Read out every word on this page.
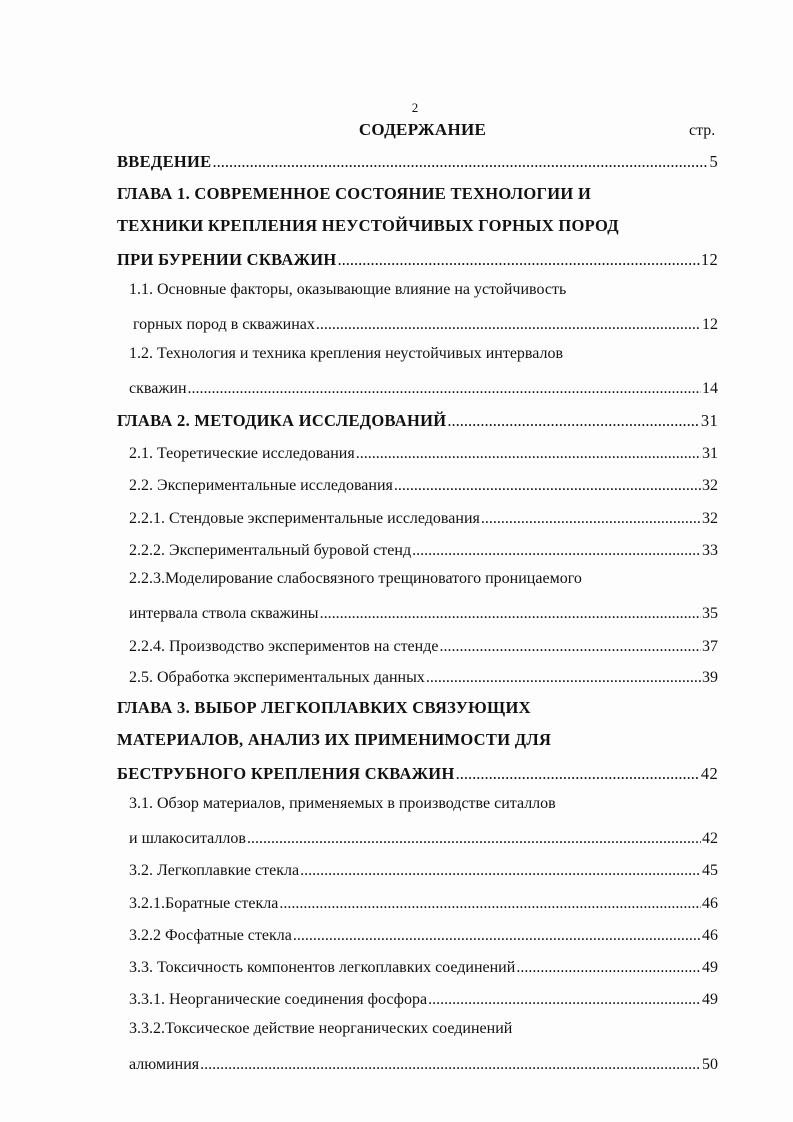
2
СОДЕРЖАНИЕ	стр.
ВВЕДЕНИЕ .....	5
ГЛАВА 1. СОВРЕМЕННОЕ СОСТОЯНИЕ ТЕХНОЛОГИИ И
ТЕХНИКИ КРЕПЛЕНИЯ НЕУСТОЙЧИВЫХ ГОРНЫХ ПОРОД
ПРИ БУРЕНИИ СКВАЖИН .....	12
1.1. Основные факторы, оказывающие влияние на устойчивость
горных пород в скважинах .....	12
1.2. Технология и техника крепления неустойчивых интервалов
скважин .....	14
ГЛАВА 2. МЕТОДИКА ИССЛЕДОВАНИЙ .....	31
2.1. Теоретические исследования .....	31
2.2. Экспериментальные исследования .....	32
2.2.1. Стендовые экспериментальные исследования .....	32
2.2.2. Экспериментальный буровой стенд .....	33
2.2.3.Моделирование слабосвязного трещиноватого проницаемого
интервала ствола скважины .....	35
2.2.4. Производство экспериментов на стенде .....	37
2.5. Обработка экспериментальных данных .....	39
ГЛАВА 3. ВЫБОР ЛЕГКОПЛАВКИХ СВЯЗУЮЩИХ
МАТЕРИАЛОВ, АНАЛИЗ ИХ ПРИМЕНИМОСТИ ДЛЯ
БЕСТРУБНОГО КРЕПЛЕНИЯ СКВАЖИН .....	42
3.1. Обзор материалов, применяемых в производстве ситаллов
и шлакоситаллов .....	42
3.2. Легкоплавкие стекла .....	45
3.2.1.Боратные стекла .....	46
3.2.2 Фосфатные стекла .....	46
3.3. Токсичность компонентов легкоплавких соединений .....	49
3.3.1. Неорганические соединения фосфора .....	49
3.3.2.Токсическое действие неорганических соединений
алюминия .....	50
